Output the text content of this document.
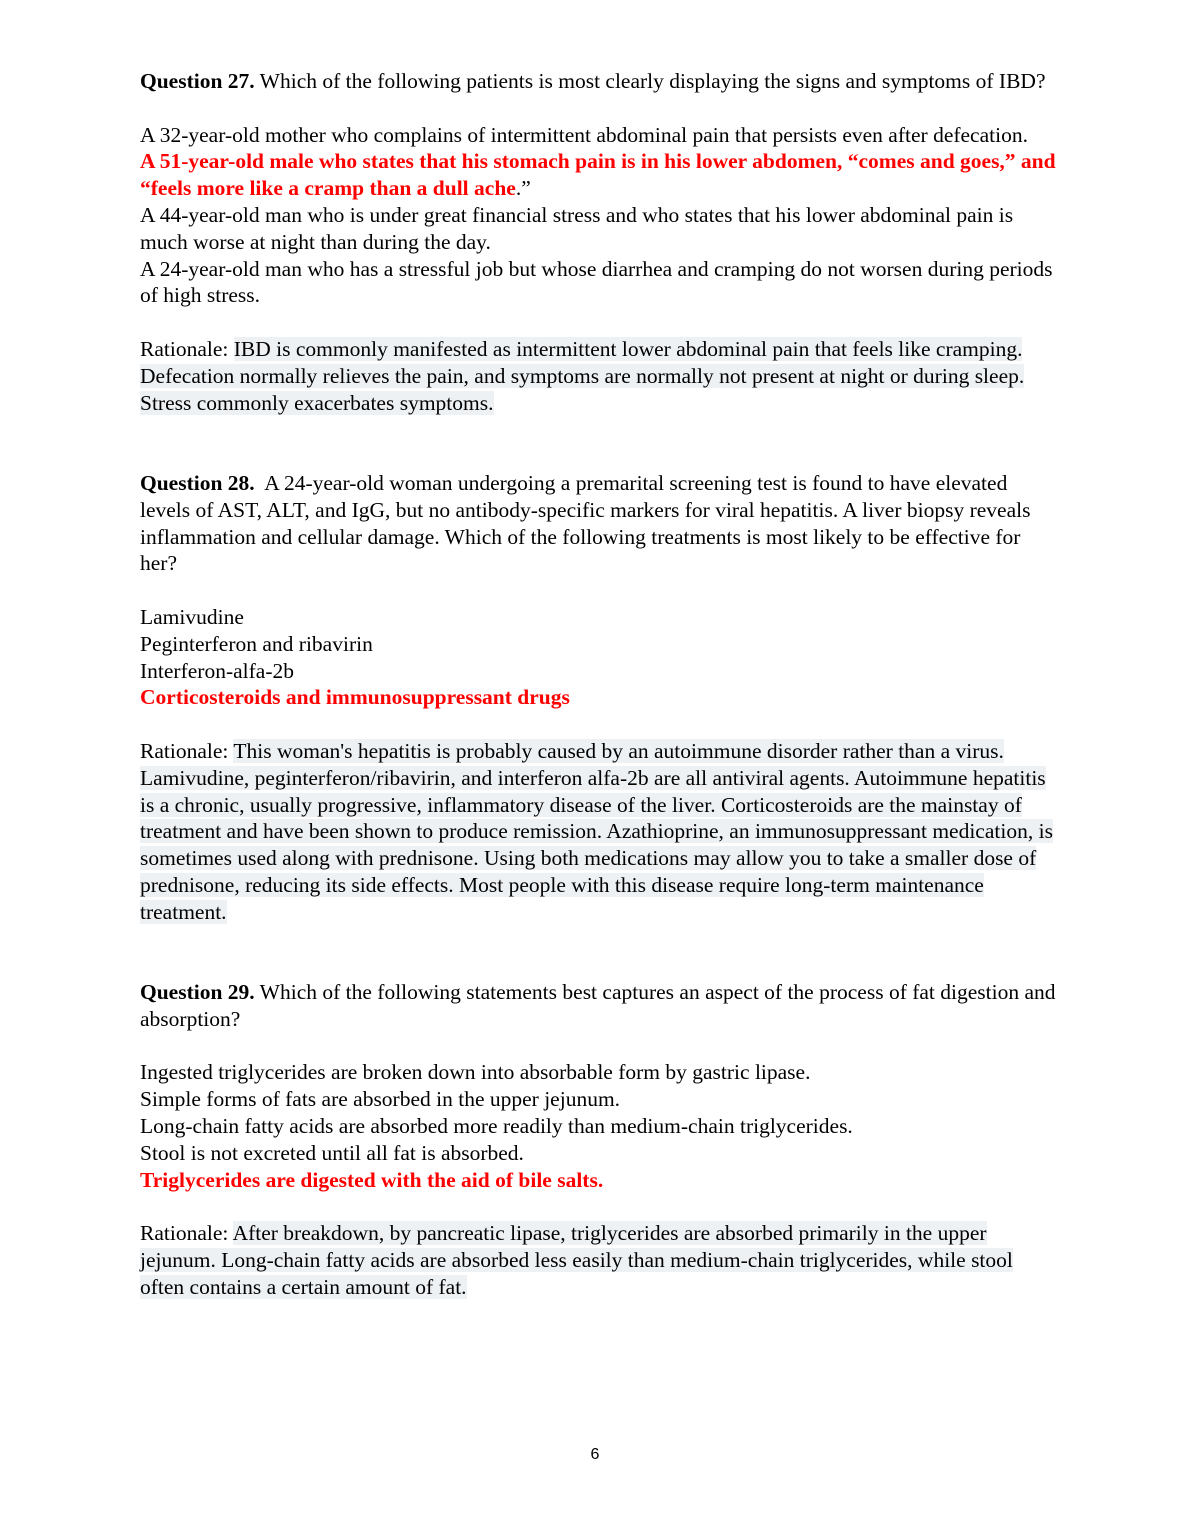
Question 27. Which of the following patients is most clearly displaying the signs and symptoms of IBD?

A 32-year-old mother who complains of intermittent abdominal pain that persists even after defecation.

A 51-year-old male who states that his stomach pain is in his lower abdomen, “comes and goes,” and “feels more like a cramp than a dull ache.”

A 44-year-old man who is under great financial stress and who states that his lower abdominal pain is much worse at night than during the day.

A 24-year-old man who has a stressful job but whose diarrhea and cramping do not worsen during periods of high stress.

Rationale: IBD is commonly manifested as intermittent lower abdominal pain that feels like cramping. Defecation normally relieves the pain, and symptoms are normally not present at night or during sleep. Stress commonly exacerbates symptoms.

Question 28.  A 24-year-old woman undergoing a premarital screening test is found to have elevated levels of AST, ALT, and IgG, but no antibody-specific markers for viral hepatitis. A liver biopsy reveals inflammation and cellular damage. Which of the following treatments is most likely to be effective for her?

Lamivudine

Peginterferon and ribavirin

Interferon-alfa-2b

Corticosteroids and immunosuppressant drugs

Rationale: This woman's hepatitis is probably caused by an autoimmune disorder rather than a virus. Lamivudine, peginterferon/ribavirin, and interferon alfa-2b are all antiviral agents. Autoimmune hepatitis is a chronic, usually progressive, inflammatory disease of the liver. Corticosteroids are the mainstay of treatment and have been shown to produce remission. Azathioprine, an immunosuppressant medication, is sometimes used along with prednisone. Using both medications may allow you to take a smaller dose of prednisone, reducing its side effects. Most people with this disease require long-term maintenance treatment.

Question 29. Which of the following statements best captures an aspect of the process of fat digestion and absorption?

Ingested triglycerides are broken down into absorbable form by gastric lipase.

Simple forms of fats are absorbed in the upper jejunum.

Long-chain fatty acids are absorbed more readily than medium-chain triglycerides.

Stool is not excreted until all fat is absorbed.

Triglycerides are digested with the aid of bile salts.

Rationale: After breakdown, by pancreatic lipase, triglycerides are absorbed primarily in the upper jejunum. Long-chain fatty acids are absorbed less easily than medium-chain triglycerides, while stool often contains a certain amount of fat.

6
